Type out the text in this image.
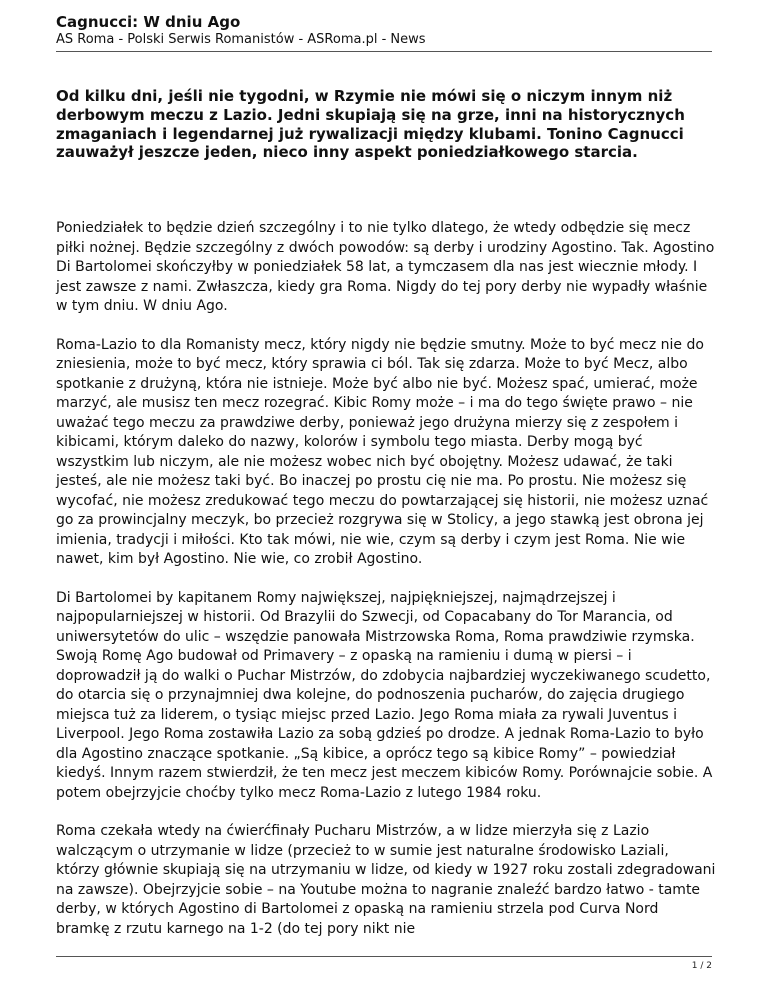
Cagnucci: W dniu Ago
AS Roma - Polski Serwis Romanistów - ASRoma.pl - News

Od kilku dni, jeśli nie tygodni, w Rzymie nie mówi się o niczym innym niż derbowym meczu z Lazio. Jedni skupiają się na grze, inni na historycznych zmaganiach i legendarnej już rywalizacji między klubami. Tonino Cagnucci zauważył jeszcze jeden, nieco inny aspekt poniedziałkowego starcia.

Poniedziałek to będzie dzień szczególny i to nie tylko dlatego, że wtedy odbędzie się mecz piłki nożnej. Będzie szczególny z dwóch powodów: są derby i urodziny Agostino. Tak. Agostino Di Bartolomei skończyłby w poniedziałek 58 lat, a tymczasem dla nas jest wiecznie młody. I jest zawsze z nami. Zwłaszcza, kiedy gra Roma. Nigdy do tej pory derby nie wypadły właśnie w tym dniu. W dniu Ago.

Roma-Lazio to dla Romanisty mecz, który nigdy nie będzie smutny. Może to być mecz nie do zniesienia, może to być mecz, który sprawia ci ból. Tak się zdarza. Może to być Mecz, albo spotkanie z drużyną, która nie istnieje. Może być albo nie być. Możesz spać, umierać, może marzyć, ale musisz ten mecz rozegrać. Kibic Romy może – i ma do tego święte prawo – nie uważać tego meczu za prawdziwe derby, ponieważ jego drużyna mierzy się z zespołem i kibicami, którym daleko do nazwy, kolorów i symbolu tego miasta. Derby mogą być wszystkim lub niczym, ale nie możesz wobec nich być obojętny. Możesz udawać, że taki jesteś, ale nie możesz taki być. Bo inaczej po prostu cię nie ma. Po prostu. Nie możesz się wycofać, nie możesz zredukować tego meczu do powtarzającej się historii, nie możesz uznać go za prowincjalny meczyk, bo przecież rozgrywa się w Stolicy, a jego stawką jest obrona jej imienia, tradycji i miłości. Kto tak mówi, nie wie, czym są derby i czym jest Roma. Nie wie nawet, kim był Agostino. Nie wie, co zrobił Agostino.

Di Bartolomei by kapitanem Romy największej, najpiękniejszej, najmądrzejszej i najpopularniejszej w historii. Od Brazylii do Szwecji, od Copacabany do Tor Marancia, od uniwersytetów do ulic – wszędzie panowała Mistrzowska Roma, Roma prawdziwie rzymska. Swoją Romę Ago budował od Primavery – z opaską na ramieniu i dumą w piersi – i doprowadził ją do walki o Puchar Mistrzów, do zdobycia najbardziej wyczekiwanego scudetto, do otarcia się o przynajmniej dwa kolejne, do podnoszenia pucharów, do zajęcia drugiego miejsca tuż za liderem, o tysiąc miejsc przed Lazio. Jego Roma miała za rywali Juventus i Liverpool. Jego Roma zostawiła Lazio za sobą gdzieś po drodze. A jednak Roma-Lazio to było dla Agostino znaczące spotkanie. „Są kibice, a oprócz tego są kibice Romy” – powiedział kiedyś. Innym razem stwierdził, że ten mecz jest meczem kibiców Romy. Porównajcie sobie. A potem obejrzyjcie choćby tylko mecz Roma-Lazio z lutego 1984 roku.

Roma czekała wtedy na ćwierćfinały Pucharu Mistrzów, a w lidze mierzyła się z Lazio walczącym o utrzymanie w lidze (przecież to w sumie jest naturalne środowisko Laziali, którzy głównie skupiają się na utrzymaniu w lidze, od kiedy w 1927 roku zostali zdegradowani na zawsze). Obejrzyjcie sobie – na Youtube można to nagranie znaleźć bardzo łatwo - tamte derby, w których Agostino di Bartolomei z opaską na ramieniu strzela pod Curva Nord bramkę z rzutu karnego na 1-2 (do tej pory nikt nie

1 / 2
